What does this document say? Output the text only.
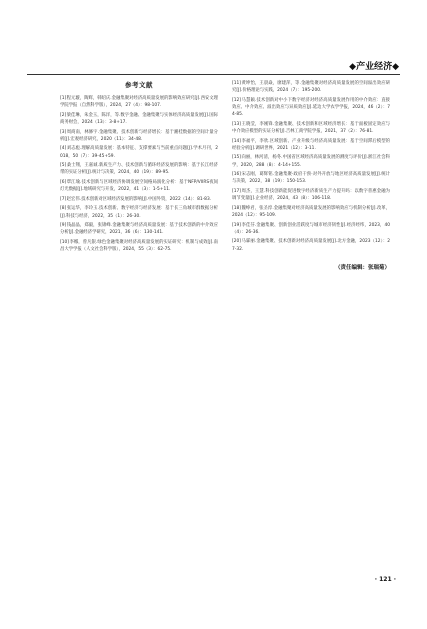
◆产业经济◆
参考文献

[1]程元璇，陶辉，韩绍庆.金融集聚对经济高质量发展的影响效应研究[J].西安文理学院学报（自然科学版），2024，27（4）：98-107.

[2]梁佳琳，朱金玉，陈洋，等.数字金融、金融集聚与实体经济高质量发展[J].国际商务财会，2024（13）：3-8+17.

[3]周商南，林修宇.金融集聚、技术创新与经济增长：基于湘桂数据的空间计量分析[J].宏观经济研究，2020（11）：34-48.

[4]刘志彪.理解高质量发展：基本特征、支撑要素与当前重点问题[J].学术月刊，2018，50（7）：39-45+59.

[5]桑士翔，王嘉诚.新质生产力、技术创新与循环经济发展的影响：基于长江经济带的实证分析[J].统计与决策，2024，40（19）：89-95.

[6]覃江瑜.技术创新与区域经济协调发展空间格局演化分析：基于NFP/VIIRS夜间灯光数据[J].地域研究与开发，2022，41（3）：1-5+11.

[7]赵宏伟.技术创新对区域经济发展的影响[J].中国外资，2022（14）：81-83.

[8]张运华，李玲玉.技术创新、数字经济与经济发展：基于长三角城市群数据分析[J].科技与经济，2022，35（1）：26-30.

[9]钱晶晶，郑毅，张锦峰.金融集聚与经济高质量发展：基于技术创新的中介效应分析[J].金融经济学研究，2021，36（6）：130-141.

[10]李娜，曾凡银.绿色金融集聚对经济高质量发展的实证研究：机制与成效[J].南昌大学学报（人文社会科学版），2024，55（3）：62-75.

[11]黄坤怡，王晨焱，廖建萍，等.金融集聚对经济高质量发展的空间溢出效应研究[J].价格理论与实践，2024（7）：195-200.

[12]马慧颖.技术创新对中小下数字经济对经济高质量发展作用的中介效应：直接效应、中介效应、溢出效应与异质效应[J].延边大学农学学报，2024，46（2）：74-85.

[13]王晓莹，李刚锋.金融集聚、技术创新和区域经济增长：基于面板固定效应与中介效应模型的实证分析[J].吉林工商学院学报，2021，37（2）：76-81.

[14]李福平，李欣.区域创新、产业升级与经济高质量发展：基于空间滞后模型的经验分析[J].调研世界，2021（12）：3-11.

[15]向丽，林河清，杨冬.中国省区域经济高质量发展的测度与评价[J].浙江社会科学，2020，288（8）：4-14+155.

[16]宋志刚，葛辉铭.金融集聚·政府干预·对外开放与地区经济高质量发展[J].统计与决策，2022，38（19）：150-153.

[17]周杰，王慧.科技创新能促进数字经济新质生产力提升吗：以数字普惠金融为调节变量[J].企业经济，2024，43（8）：106-118.

[18]魏峥君，张圣淳.金融集聚对经济高质量发展的影响效应与机制分析[J].改革，2024（12）：95-109.

[19]李佳芬.金融集聚、创新创业活跃度与城市经济韧性[J].经济经纬，2023，40（4）：26-36.

[20]马霖丽.金融集聚、技术创新对经济高质量发展[J].北方金融，2023（12）：27-32.

（责任编辑：张瑞菊）
· 121 ·
